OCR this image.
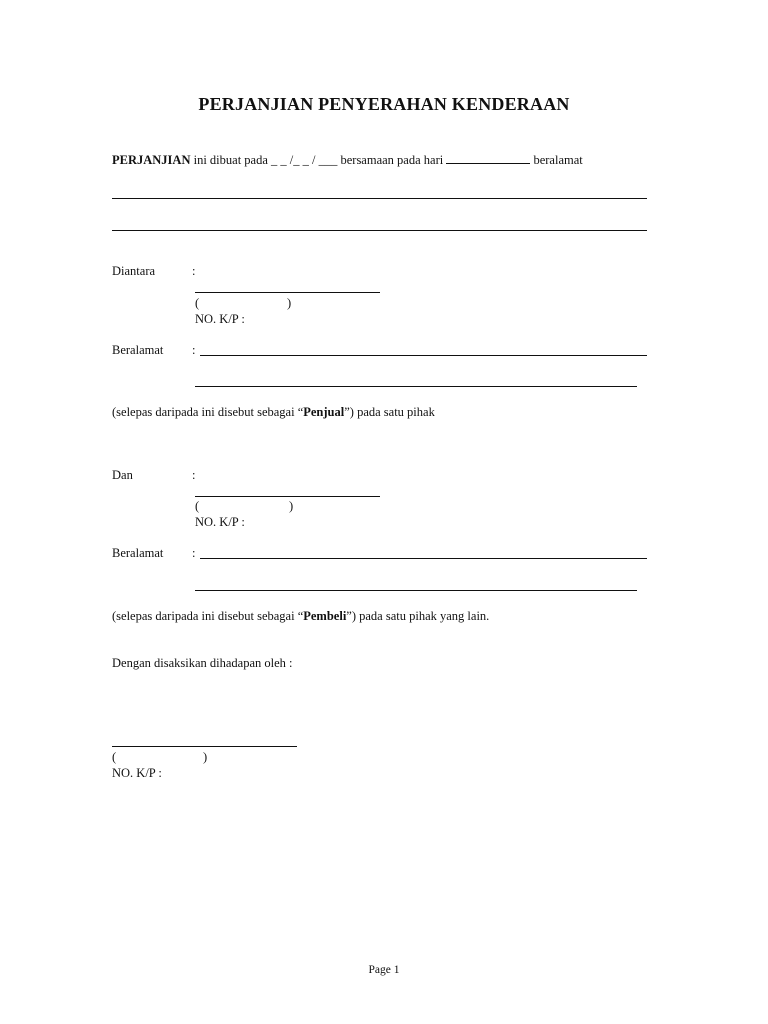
PERJANJIAN PENYERAHAN KENDERAAN
PERJANJIAN ini dibuat pada _ _ /_ _ / ___ bersamaan pada hari	beralamat
Diantara	:
(	)
NO. K/P :
Beralamat :
(selepas daripada ini disebut sebagai “Penjual”) pada satu pihak
Dan	:
(	)
NO. K/P :
Beralamat :
(selepas daripada ini disebut sebagai “Pembeli”) pada satu pihak yang lain.
Dengan disaksikan dihadapan oleh :
(	)
NO. K/P :
Page 1
